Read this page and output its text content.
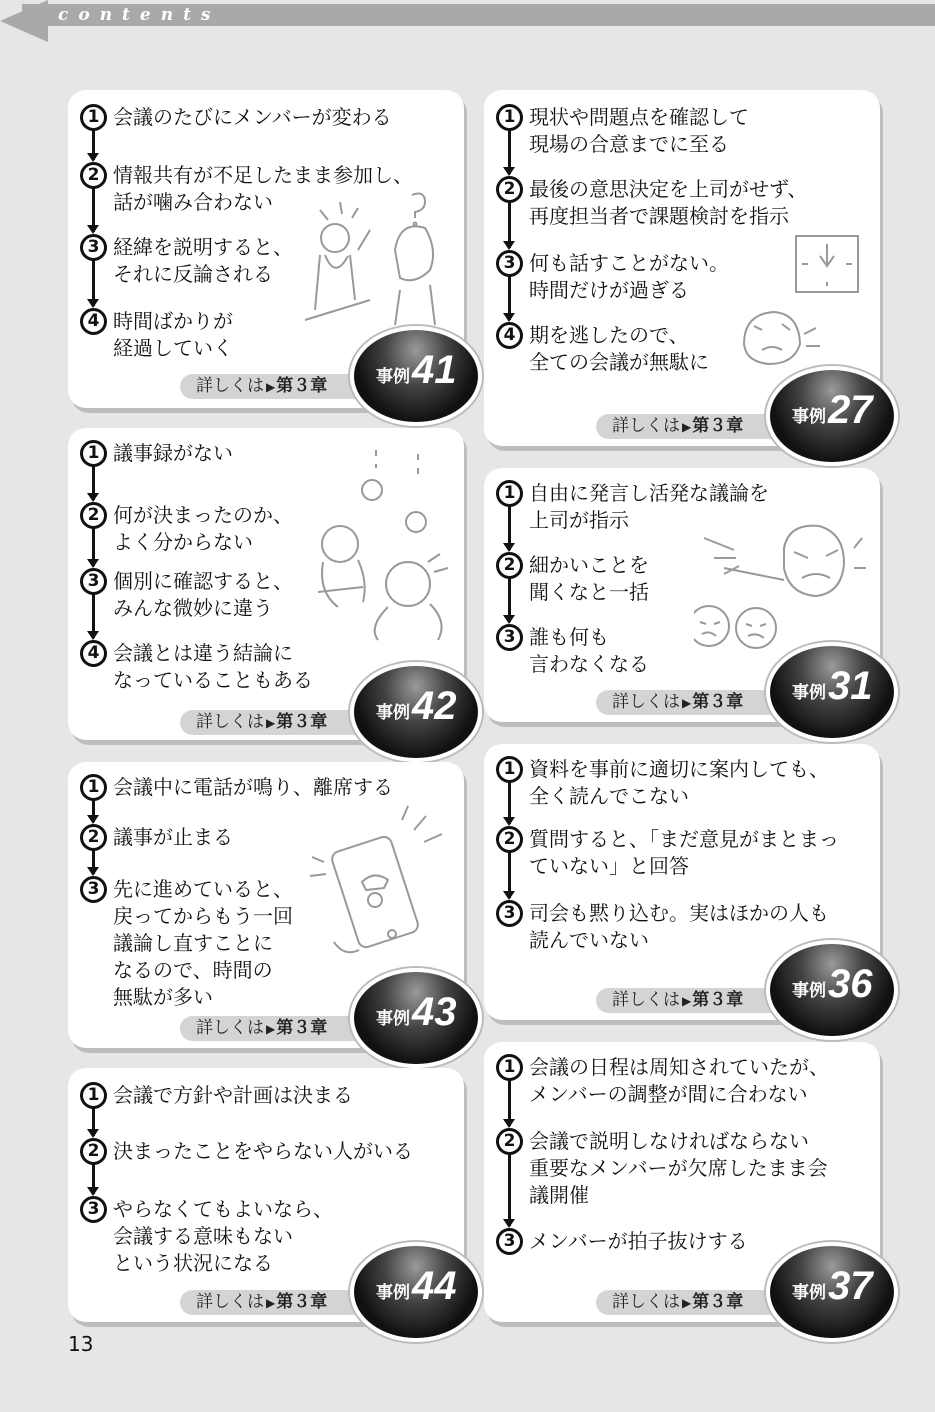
contents
1 会議のたびにメンバーが変わる
2 情報共有が不足したまま参加し、
話が噛み合わない
3 経緯を説明すると、
それに反論される
4 時間ばかりが
経過していく
詳しくは ▶第３章	事例 41
1 議事録がない
2 何が決まったのか、
よく分からない
3 個別に確認すると、
みんな微妙に違う
4 会議とは違う結論に
なっていることもある
詳しくは ▶第３章	事例 42
1 会議中に電話が鳴り、離席する
2 議事が止まる
3 先に進めていると、
戻ってからもう一回
議論し直すことに
なるので、時間の
無駄が多い
詳しくは ▶第３章	事例 43
1 会議で方針や計画は決まる
2 決まったことをやらない人がいる
3 やらなくてもよいなら、
会議する意味もない
という状況になる
詳しくは ▶第３章	事例 44
1 現状や問題点を確認して
現場の合意までに至る
2 最後の意思決定を上司がせず、
再度担当者で課題検討を指示
3 何も話すことがない。
時間だけが過ぎる
4 期を逃したので、
全ての会議が無駄に
詳しくは ▶第３章	事例 27
1 自由に発言し活発な議論を
上司が指示
2 細かいことを
聞くなと一括
3 誰も何も
言わなくなる
詳しくは ▶第３章	事例 31
1 資料を事前に適切に案内しても、
全く読んでこない
2 質問すると、「まだ意見がまとまっ
ていない」と回答
3 司会も黙り込む。実はほかの人も
読んでいない
詳しくは ▶第３章	事例 36
1 会議の日程は周知されていたが、
メンバーの調整が間に合わない
2 会議で説明しなければならない
重要なメンバーが欠席したまま会
議開催
3 メンバーが拍子抜けする
詳しくは ▶第３章	事例 37
13
